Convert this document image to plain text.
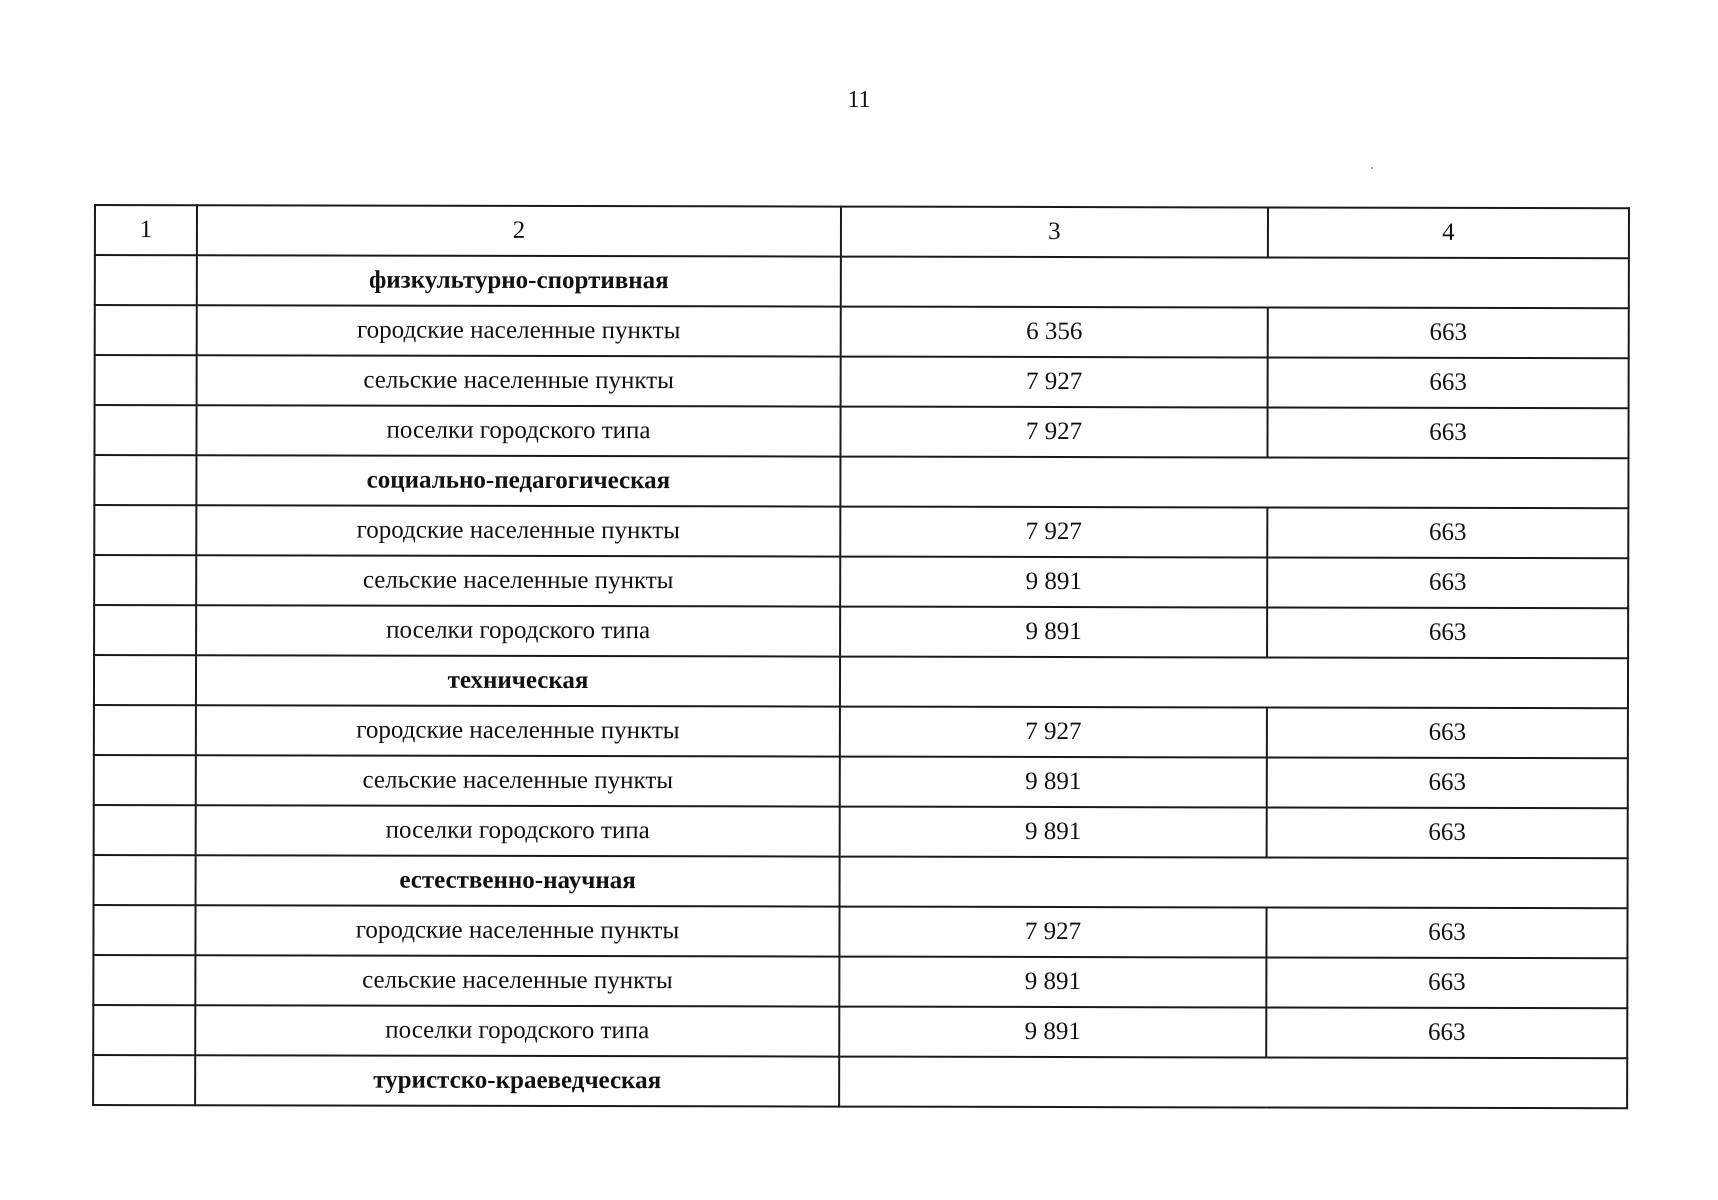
11
1	2	3	4
	физкультурно-спортивная		
	городские населенные пункты	6 356	663
	сельские населенные пункты	7 927	663
	поселки городского типа	7 927	663
	социально-педагогическая		
	городские населенные пункты	7 927	663
	сельские населенные пункты	9 891	663
	поселки городского типа	9 891	663
	техническая		
	городские населенные пункты	7 927	663
	сельские населенные пункты	9 891	663
	поселки городского типа	9 891	663
	естественно-научная		
	городские населенные пункты	7 927	663
	сельские населенные пункты	9 891	663
	поселки городского типа	9 891	663
	туристско-краеведческая		
